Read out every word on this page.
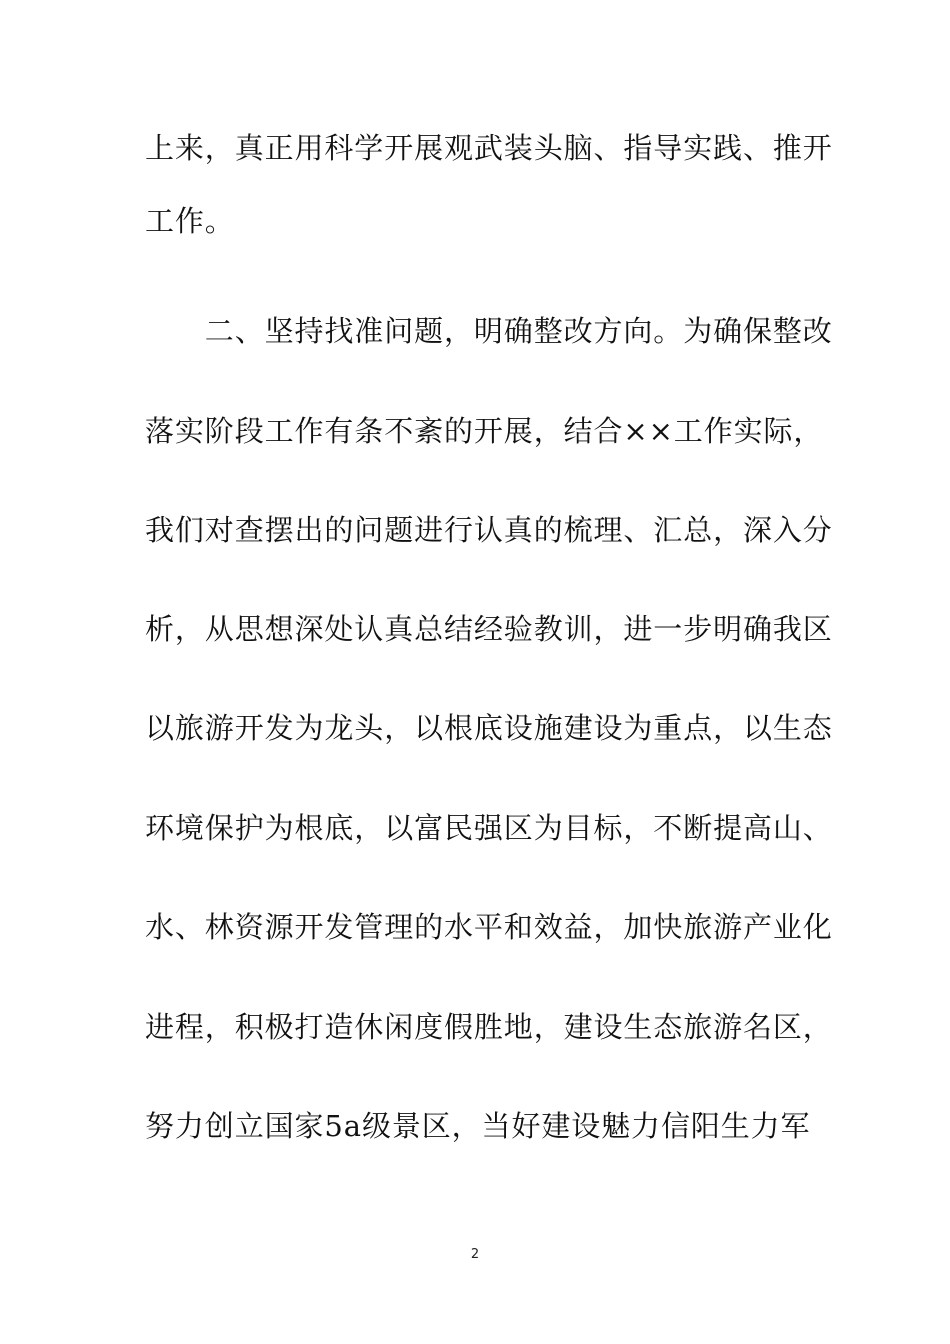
上来，真正用科学开展观武装头脑、指导实践、推开
工作。
　　二、坚持找准问题，明确整改方向。为确保整改
落实阶段工作有条不紊的开展，结合××工作实际，
我们对查摆出的问题进行认真的梳理、汇总，深入分
析，从思想深处认真总结经验教训，进一步明确我区
以旅游开发为龙头，以根底设施建设为重点，以生态
环境保护为根底，以富民强区为目标，不断提高山、
水、林资源开发管理的水平和效益，加快旅游产业化
进程，积极打造休闲度假胜地，建设生态旅游名区，
努力创立国家5a级景区，当好建设魅力信阳生力军
2
